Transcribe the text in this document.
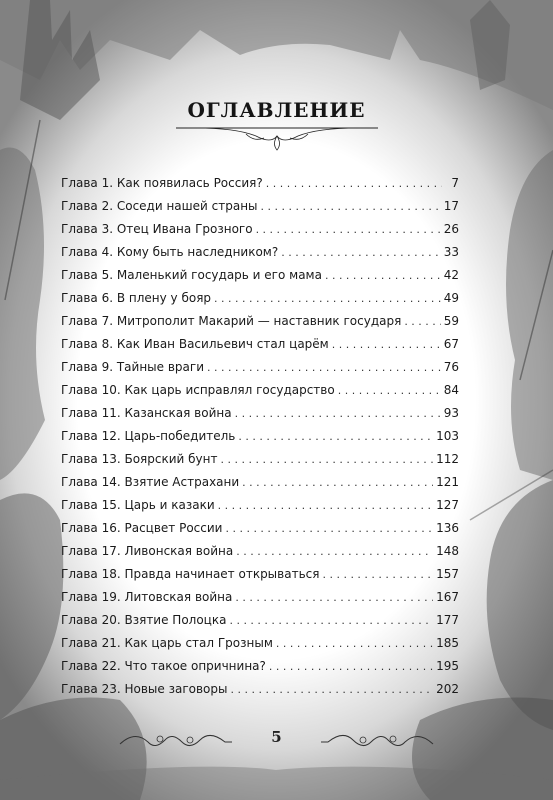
ОГЛАВЛЕНИЕ
Глава 1. Как появилась Россия? . . .	7
Глава 2. Соседи нашей страны . . .	17
Глава 3. Отец Ивана Грозного . . .	26
Глава 4. Кому быть наследником? . . .	33
Глава 5. Маленький государь и его мама . . .	42
Глава 6. В плену у бояр . . .	49
Глава 7. Митрополит Макарий — наставник государя . . .	59
Глава 8. Как Иван Васильевич стал царём . . .	67
Глава 9. Тайные враги . . .	76
Глава 10. Как царь исправлял государство . . .	84
Глава 11. Казанская война . . .	93
Глава 12. Царь-победитель . . .	103
Глава 13. Боярский бунт . . .	112
Глава 14. Взятие Астрахани . . .	121
Глава 15. Царь и казаки . . .	127
Глава 16. Расцвет России . . .	136
Глава 17. Ливонская война . . .	148
Глава 18. Правда начинает открываться . . .	157
Глава 19. Литовская война . . .	167
Глава 20. Взятие Полоцка . . .	177
Глава 21. Как царь стал Грозным . . .	185
Глава 22. Что такое опричнина? . . .	195
Глава 23. Новые заговоры . . .	202
5
